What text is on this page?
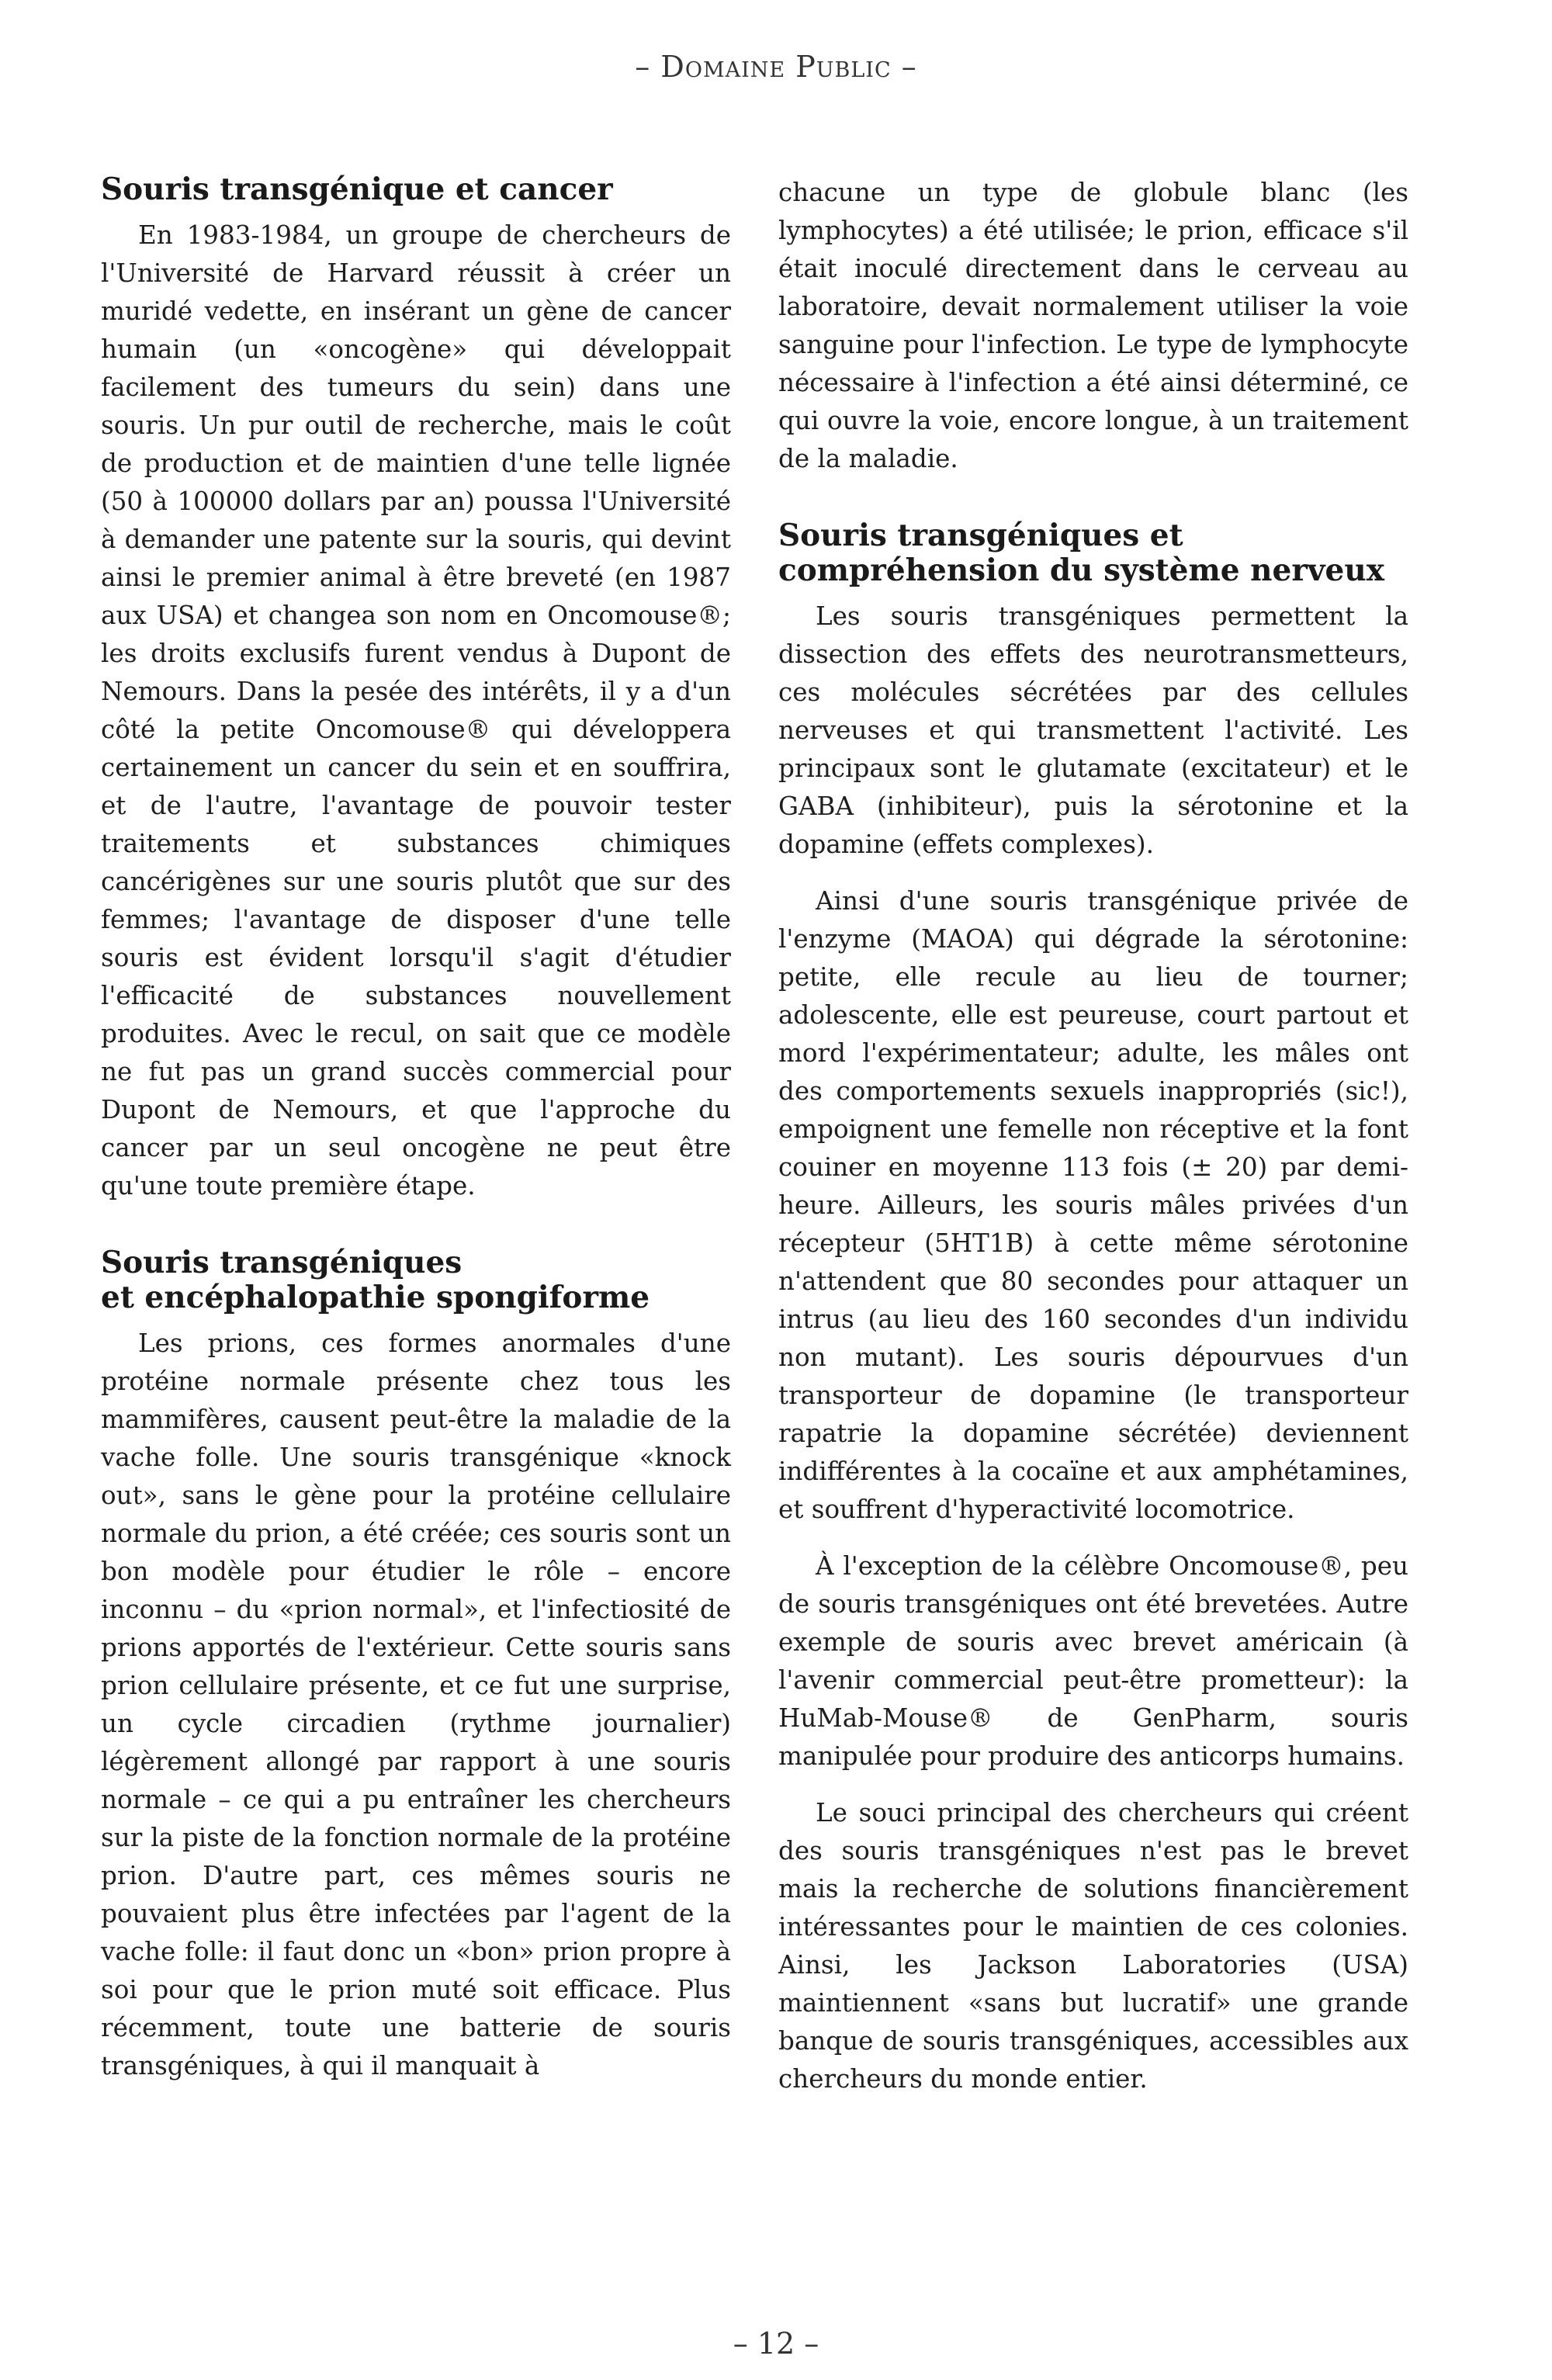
– Domaine Public –
Souris transgénique et cancer

En 1983-1984, un groupe de chercheurs de l'Université de Harvard réussit à créer un muridé vedette, en insérant un gène de cancer humain (un «oncogène» qui développait facilement des tumeurs du sein) dans une souris. Un pur outil de recherche, mais le coût de production et de maintien d'une telle lignée (50 à 100000 dollars par an) poussa l'Université à demander une patente sur la souris, qui devint ainsi le premier animal à être breveté (en 1987 aux USA) et changea son nom en Oncomouse®; les droits exclusifs furent vendus à Dupont de Nemours. Dans la pesée des intérêts, il y a d'un côté la petite Oncomouse® qui développera certainement un cancer du sein et en souffrira, et de l'autre, l'avantage de pouvoir tester traitements et substances chimiques cancérigènes sur une souris plutôt que sur des femmes; l'avantage de disposer d'une telle souris est évident lorsqu'il s'agit d'étudier l'efficacité de substances nouvellement produites. Avec le recul, on sait que ce modèle ne fut pas un grand succès commercial pour Dupont de Nemours, et que l'approche du cancer par un seul oncogène ne peut être qu'une toute première étape.

Souris transgéniques
et encéphalopathie spongiforme

Les prions, ces formes anormales d'une protéine normale présente chez tous les mammifères, causent peut-être la maladie de la vache folle. Une souris transgénique «knock out», sans le gène pour la protéine cellulaire normale du prion, a été créée; ces souris sont un bon modèle pour étudier le rôle – encore inconnu – du «prion normal», et l'infectiosité de prions apportés de l'extérieur. Cette souris sans prion cellulaire présente, et ce fut une surprise, un cycle circadien (rythme journalier) légèrement allongé par rapport à une souris normale – ce qui a pu entraîner les chercheurs sur la piste de la fonction normale de la protéine prion. D'autre part, ces mêmes souris ne pouvaient plus être infectées par l'agent de la vache folle: il faut donc un «bon» prion propre à soi pour que le prion muté soit efficace. Plus récemment, toute une batterie de souris transgéniques, à qui il manquait à

chacune un type de globule blanc (les lymphocytes) a été utilisée; le prion, efficace s'il était inoculé directement dans le cerveau au laboratoire, devait normalement utiliser la voie sanguine pour l'infection. Le type de lymphocyte nécessaire à l'infection a été ainsi déterminé, ce qui ouvre la voie, encore longue, à un traitement de la maladie.

Souris transgéniques et
compréhension du système nerveux

Les souris transgéniques permettent la dissection des effets des neurotransmetteurs, ces molécules sécrétées par des cellules nerveuses et qui transmettent l'activité. Les principaux sont le glutamate (excitateur) et le GABA (inhibiteur), puis la sérotonine et la dopamine (effets complexes).

Ainsi d'une souris transgénique privée de l'enzyme (MAOA) qui dégrade la sérotonine: petite, elle recule au lieu de tourner; adolescente, elle est peureuse, court partout et mord l'expérimentateur; adulte, les mâles ont des comportements sexuels inappropriés (sic!), empoignent une femelle non réceptive et la font couiner en moyenne 113 fois (± 20) par demi-heure. Ailleurs, les souris mâles privées d'un récepteur (5HT1B) à cette même sérotonine n'attendent que 80 secondes pour attaquer un intrus (au lieu des 160 secondes d'un individu non mutant). Les souris dépourvues d'un transporteur de dopamine (le transporteur rapatrie la dopamine sécrétée) deviennent indifférentes à la cocaïne et aux amphétamines, et souffrent d'hyperactivité locomotrice.

À l'exception de la célèbre Oncomouse®, peu de souris transgéniques ont été brevetées. Autre exemple de souris avec brevet américain (à l'avenir commercial peut-être prometteur): la HuMab-Mouse® de GenPharm, souris manipulée pour produire des anticorps humains.

Le souci principal des chercheurs qui créent des souris transgéniques n'est pas le brevet mais la recherche de solutions financièrement intéressantes pour le maintien de ces colonies. Ainsi, les Jackson Laboratories (USA) maintiennent «sans but lucratif» une grande banque de souris transgéniques, accessibles aux chercheurs du monde entier.

– 12 –
